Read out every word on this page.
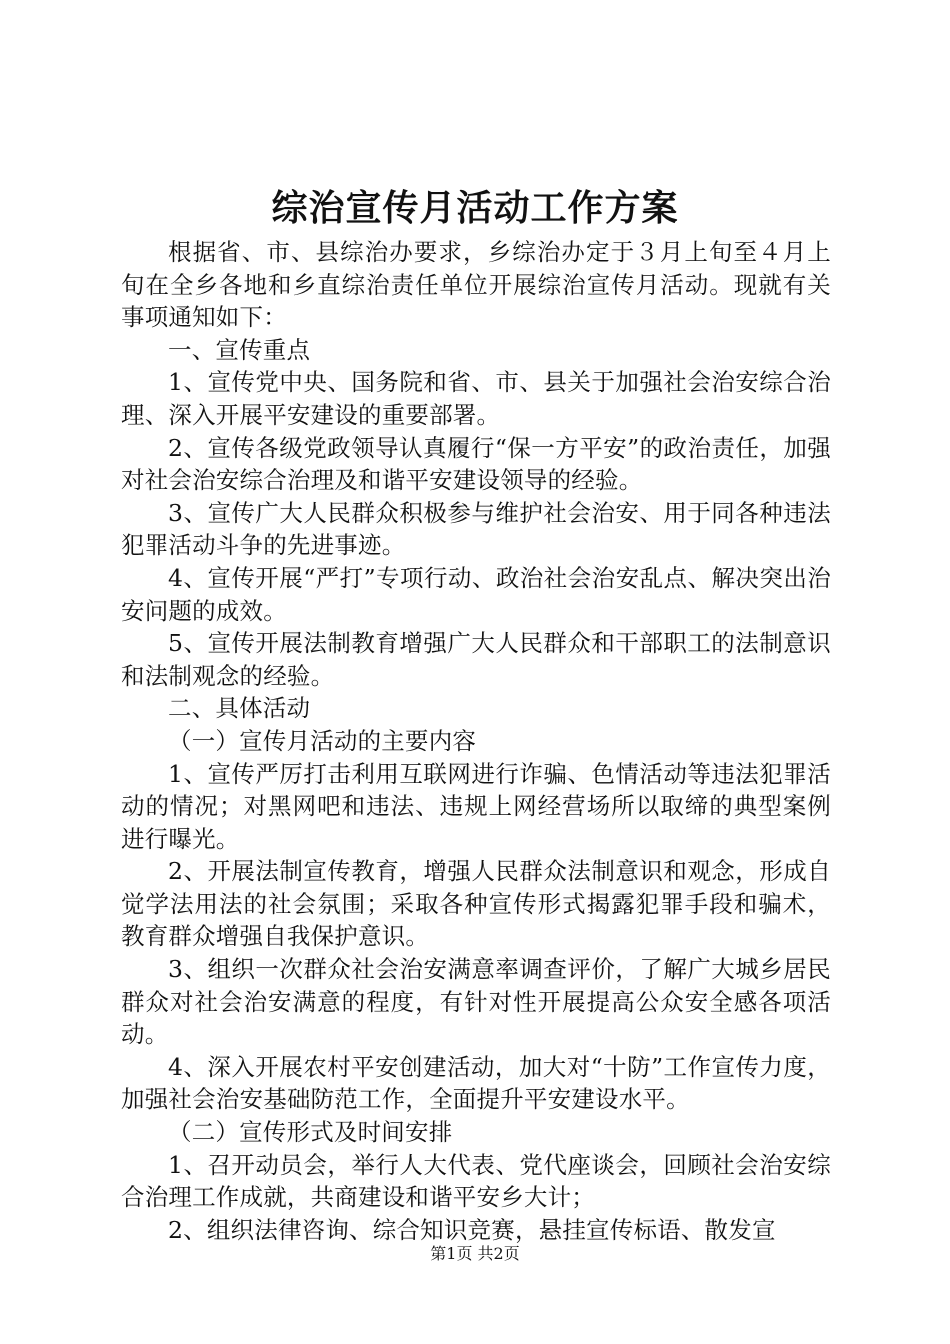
综治宣传月活动工作方案

根据省、市、县综治办要求，乡综治办定于３月上旬至４月上旬在全乡各地和乡直综治责任单位开展综治宣传月活动。现就有关事项通知如下：

一、宣传重点

1、宣传党中央、国务院和省、市、县关于加强社会治安综合治理、深入开展平安建设的重要部署。

2、宣传各级党政领导认真履行“保一方平安”的政治责任，加强对社会治安综合治理及和谐平安建设领导的经验。

3、宣传广大人民群众积极参与维护社会治安、用于同各种违法犯罪活动斗争的先进事迹。

4、宣传开展“严打”专项行动、政治社会治安乱点、解决突出治安问题的成效。

5、宣传开展法制教育增强广大人民群众和干部职工的法制意识和法制观念的经验。

二、具体活动

（一）宣传月活动的主要内容

1、宣传严厉打击利用互联网进行诈骗、色情活动等违法犯罪活动的情况；对黑网吧和违法、违规上网经营场所以取缔的典型案例进行曝光。

2、开展法制宣传教育，增强人民群众法制意识和观念，形成自觉学法用法的社会氛围；采取各种宣传形式揭露犯罪手段和骗术，教育群众增强自我保护意识。

3、组织一次群众社会治安满意率调查评价，了解广大城乡居民群众对社会治安满意的程度，有针对性开展提高公众安全感各项活动。

4、深入开展农村平安创建活动，加大对“十防”工作宣传力度，加强社会治安基础防范工作，全面提升平安建设水平。

（二）宣传形式及时间安排

1、召开动员会，举行人大代表、党代座谈会，回顾社会治安综合治理工作成就，共商建设和谐平安乡大计；

2、组织法律咨询、综合知识竞赛，悬挂宣传标语、散发宣

第1页 共2页
